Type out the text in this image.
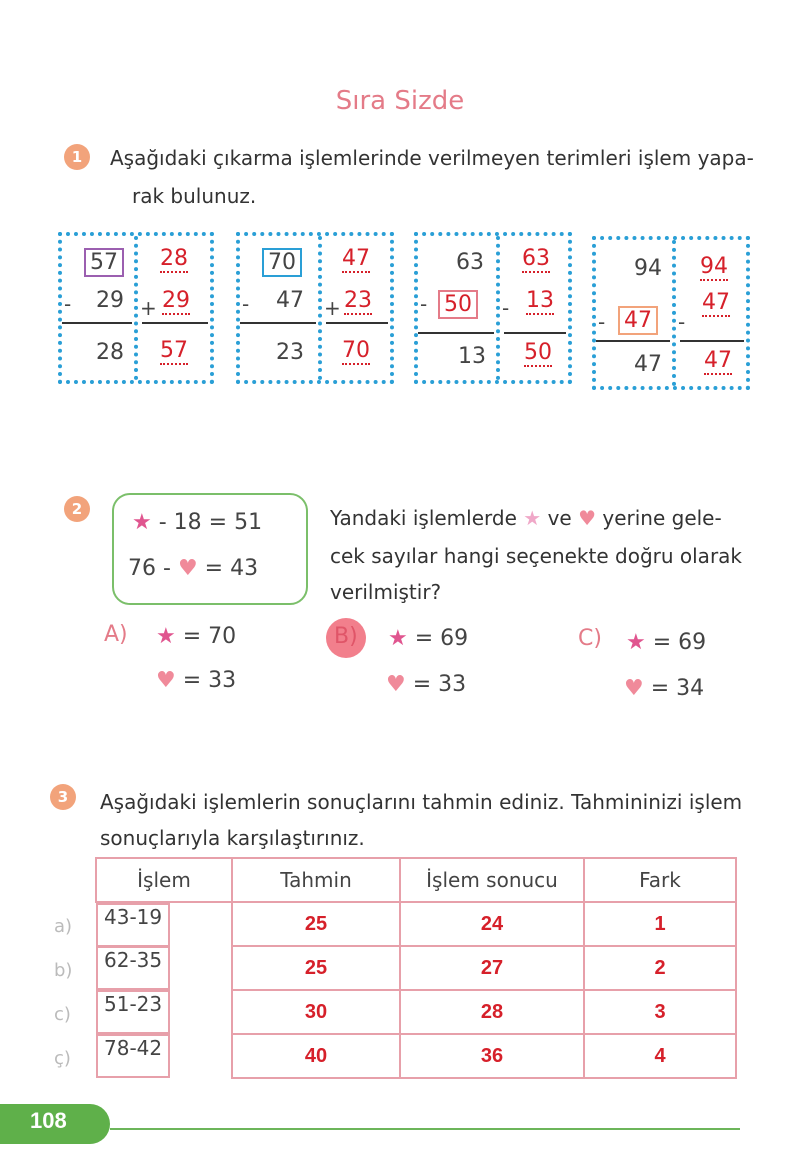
Sıra Sizde
1	Aşağıdaki çıkarma işlemlerinde verilmeyen terimleri işlem yapa-
rak bulunuz.
57
- 29
28
28
+ 29
57
70
- 47
23
47
+ 23
70
63
- 50
13
63
- 13
50
94
- 47
47
94
-
47
47
2
★ - 18 = 51
76 - ♥ = 43
Yandaki işlemlerde ★ ve ♥ yerine gele-
cek sayılar hangi seçenekte doğru olarak
verilmiştir?
A) ★ = 70
♥ = 33
B) ★ = 69
♥ = 33
C) ★ = 69
♥ = 34
3	Aşağıdaki işlemlerin sonuçlarını tahmin ediniz. Tahmininizi işlem
sonuçlarıyla karşılaştırınız.
a)
b)
c)
ç)
İşlem	Tahmin	İşlem sonucu	Fark

43-19	25	24	1

62-35	25	27	2

51-23	30	28	3

78-42	40	36	4
108
